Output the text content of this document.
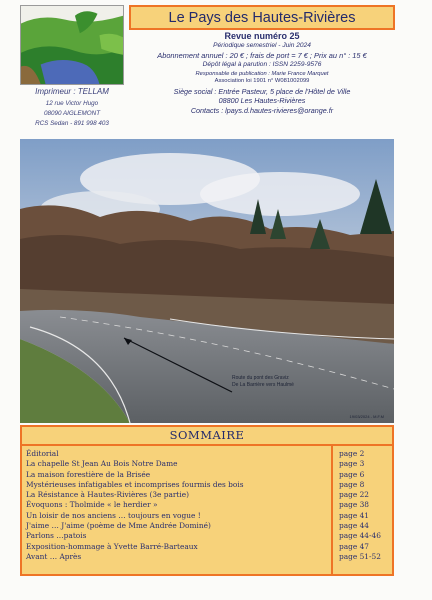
Imprimeur : TELLAM
12 rue Victor Hugo
08090 AIGLEMONT
RCS Sedan - 891 998 403
Le Pays des Hautes-Rivières
Revue numéro 25
Périodique semestriel - Juin 2024
Abonnement annuel : 20 € ; frais de port = 7 € ; Prix au n° : 15 €
Dépôt légal à parution : ISSN 2259-9576
Responsable de publication : Marie France Marquet
Association loi 1901 n° W081002099
Siège social : Entrée Pasteur, 5 place de l'Hôtel de Ville
08800 Les Hautes-Rivières
Contacts : lpays.d.hautes-rivieres@orange.fr
Route du pont des Graviz
De La Barrière vers Haulmé
19/03/2024 - M.F.M
SOMMAIRE
Éditorial	page 2
La chapelle St Jean Au Bois Notre Dame	page 3
La maison forestière de la Brisée	page 6
Mystérieuses infatigables et incomprises fourmis des bois	page 8
La Résistance à Hautes-Rivières (3e partie)	page 22
Évoquons : Tholmide « le herdier »	page 38
Un loisir de nos anciens … toujours en vogue !	page 41
J'aime … J'aime (poème de Mme Andrée Dominé)	page 44
Parlons …patois	page 44-46
Exposition-hommage à Yvette Barré-Barteaux	page 47
Avant … Après	page 51-52
